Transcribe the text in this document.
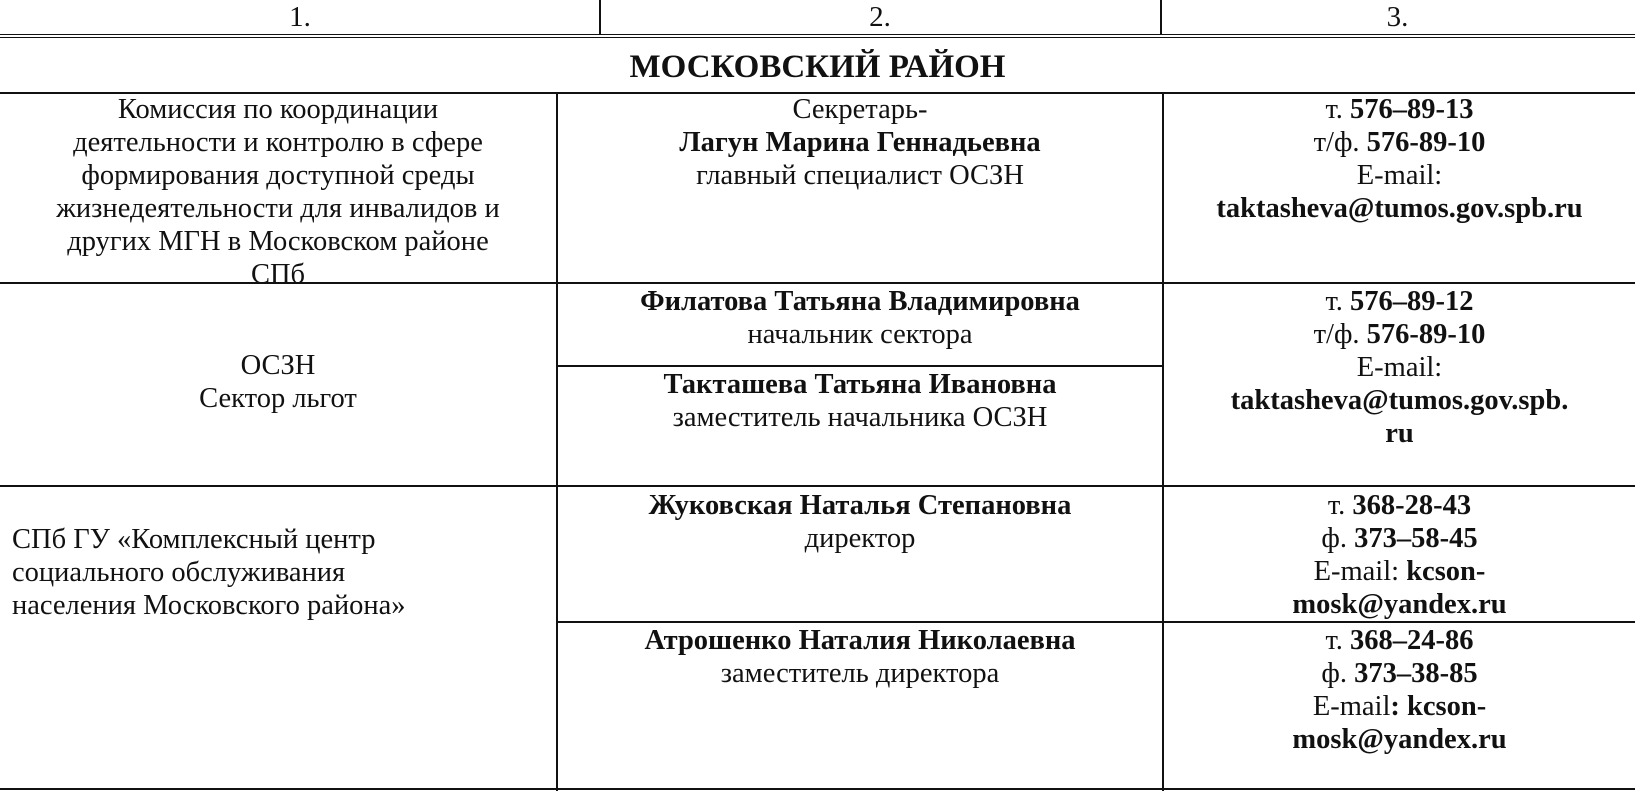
1.	2.	3.
МОСКОВСКИЙ РАЙОН
Комиссия по координации
деятельности и контролю в сфере
формирования доступной среды
жизнедеятельности для инвалидов и
других МГН в Московском районе
СПб
Секретарь-
Лагун Марина Геннадьевна
главный специалист ОСЗН
т. 576–89-13
т/ф. 576-89-10
E-mail:
taktasheva@tumos.gov.spb.ru
ОСЗН
Сектор льгот
Филатова Татьяна Владимировна
начальник сектора
Такташева Татьяна Ивановна
заместитель начальника ОСЗН
т. 576–89-12
т/ф. 576-89-10
E-mail:
taktasheva@tumos.gov.spb.
ru
СПб ГУ «Комплексный центр
социального обслуживания
населения Московского района»
Жуковская Наталья Степановна
директор
т. 368-28-43
ф. 373–58-45
E-mail: kcson-
mosk@yandex.ru
Атрошенко Наталия Николаевна
заместитель директора
т. 368–24-86
ф. 373–38-85
E-mail: kcson-
mosk@yandex.ru
